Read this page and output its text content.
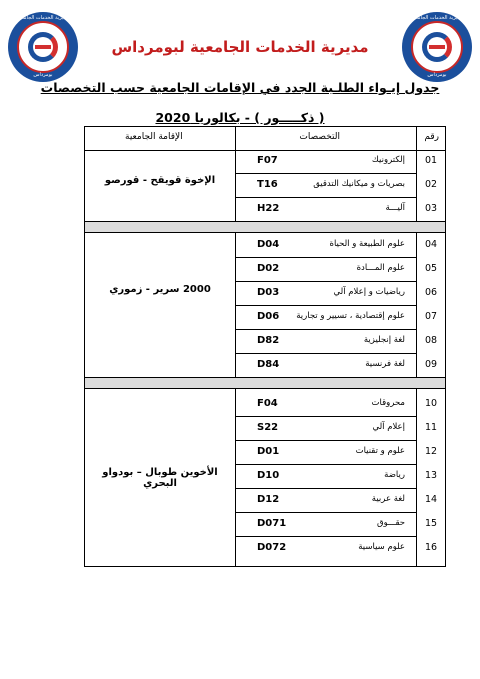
مديرية الخدمات الجامعية
بومرداس
مديرية الخدمات الجامعية
بومرداس
مديرية الخدمات الجامعية لبومرداس
جدول إيـواء الطلـبة الجدد في الإقامات الجامعية حسب التخصصات
( ذكـــــور ) - بكالوريا 2020
رقم
التخصصات
الإقامة الجامعية
الإخوة قويقح - قورصو
01
إلكترونيك
F07
02
بصريات و ميكانيك التدقيق
T16
03
آليـــة
H22
2000 سرير - زموري
04
علوم الطبيعة و الحياة
D04
05
علوم المـــادة
D02
06
رياضيات و إعلام آلي
D03
07
علوم إقتصادية ، تسيير و تجارية
D06
08
لغة إنجليزية
D82
09
لغة فرنسية
D84
الأخوين طوبال – بودواو البحري
10
محروقات
F04
11
إعلام آلي
S22
12
علوم و تقنيات
D01
13
رياضة
D10
14
لغة عربية
D12
15
حقـــوق
D071
16
علوم سياسية
D072
